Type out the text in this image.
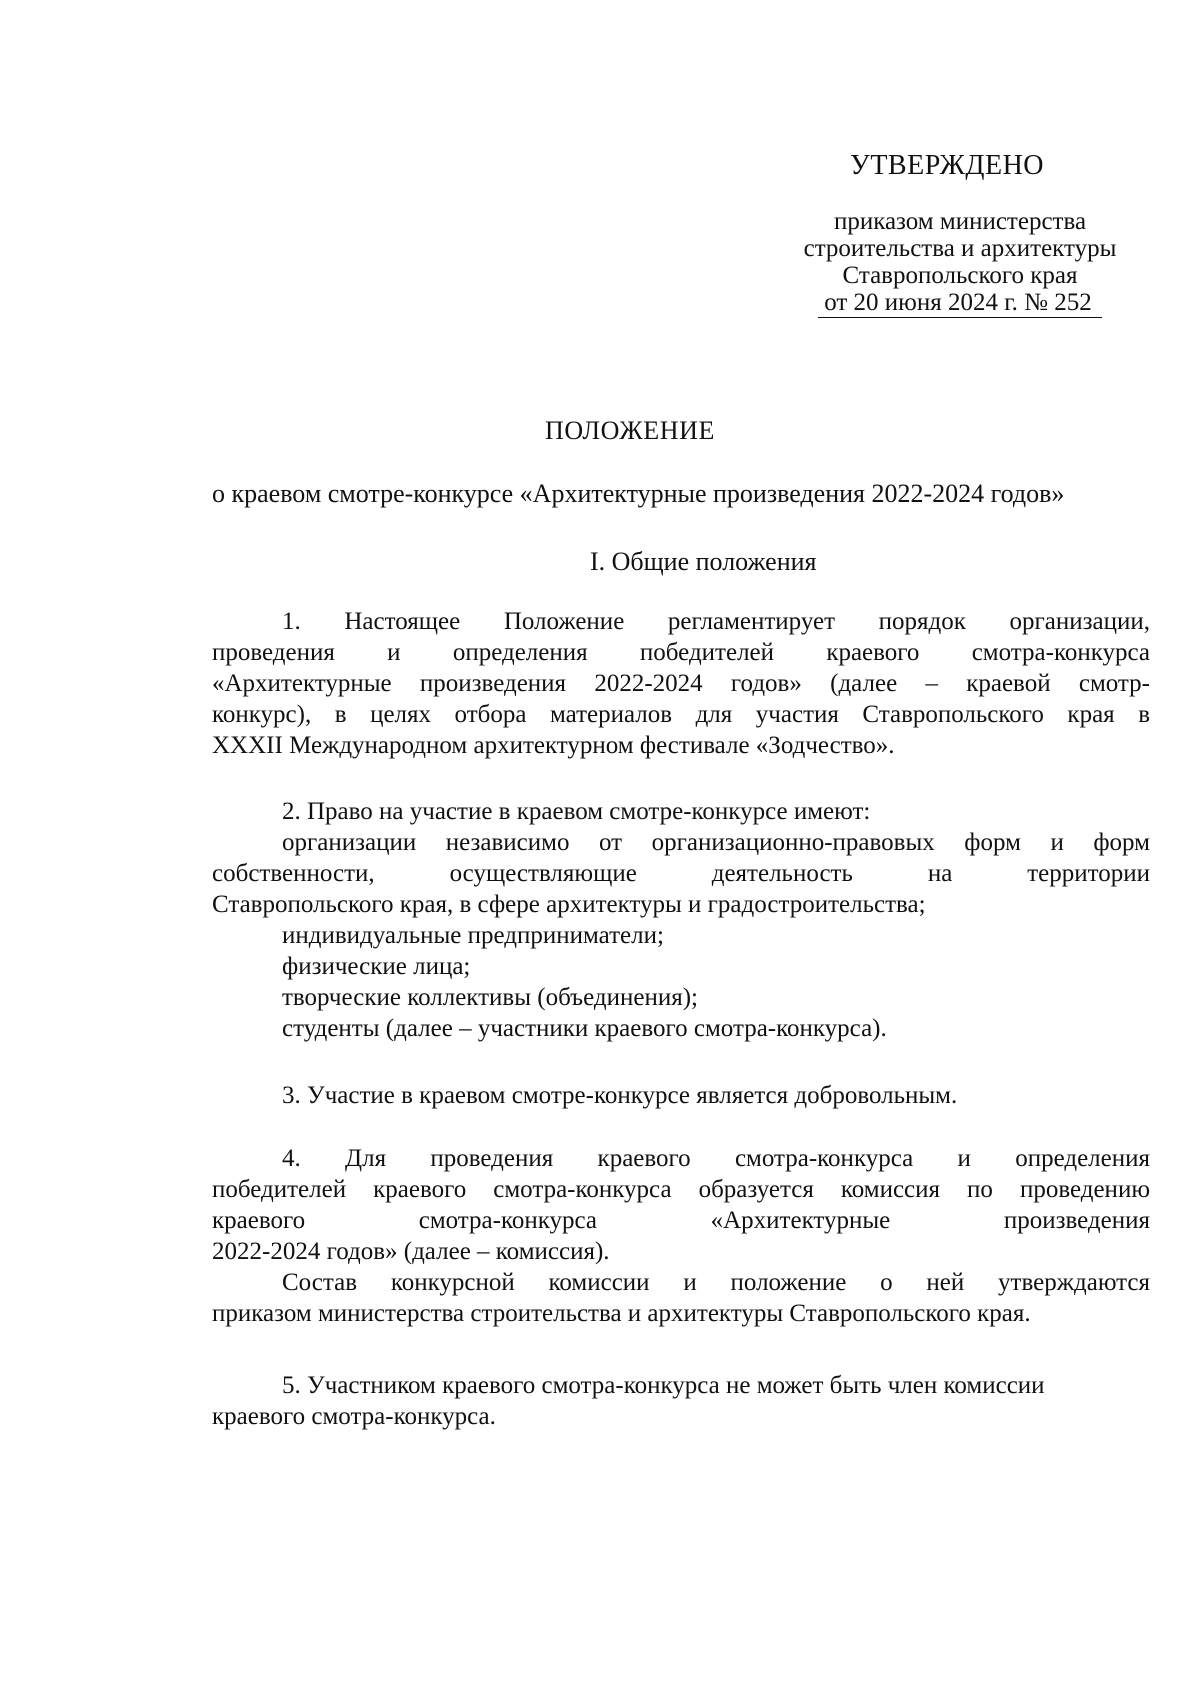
УТВЕРЖДЕНО
приказом министерства
строительства и архитектуры
Ставропольского края
от 20 июня 2024 г. № 252
ПОЛОЖЕНИЕ
о краевом смотре-конкурсе «Архитектурные произведения 2022-2024 годов»
I. Общие положения
1. Настоящее Положение регламентирует порядок организации,
проведения и определения победителей краевого смотра-конкурса
«Архитектурные произведения 2022-2024 годов» (далее – краевой смотр-
конкурс), в целях отбора материалов для участия Ставропольского края в
XXXII Международном архитектурном фестивале «Зодчество».
2. Право на участие в краевом смотре-конкурсе имеют:
организации независимо от организационно-правовых форм и форм
собственности, осуществляющие деятельность на территории
Ставропольского края, в сфере архитектуры и градостроительства;
индивидуальные предприниматели;
физические лица;
творческие коллективы (объединения);
студенты (далее – участники краевого смотра-конкурса).
3. Участие в краевом смотре-конкурсе является добровольным.
4. Для проведения краевого смотра-конкурса и определения
победителей краевого смотра-конкурса образуется комиссия по проведению
краевого смотра-конкурса «Архитектурные произведения
2022-2024 годов» (далее – комиссия).
Состав конкурсной комиссии и положение о ней утверждаются
приказом министерства строительства и архитектуры Ставропольского края.
5. Участником краевого смотра-конкурса не может быть член комиссии
краевого смотра-конкурса.
